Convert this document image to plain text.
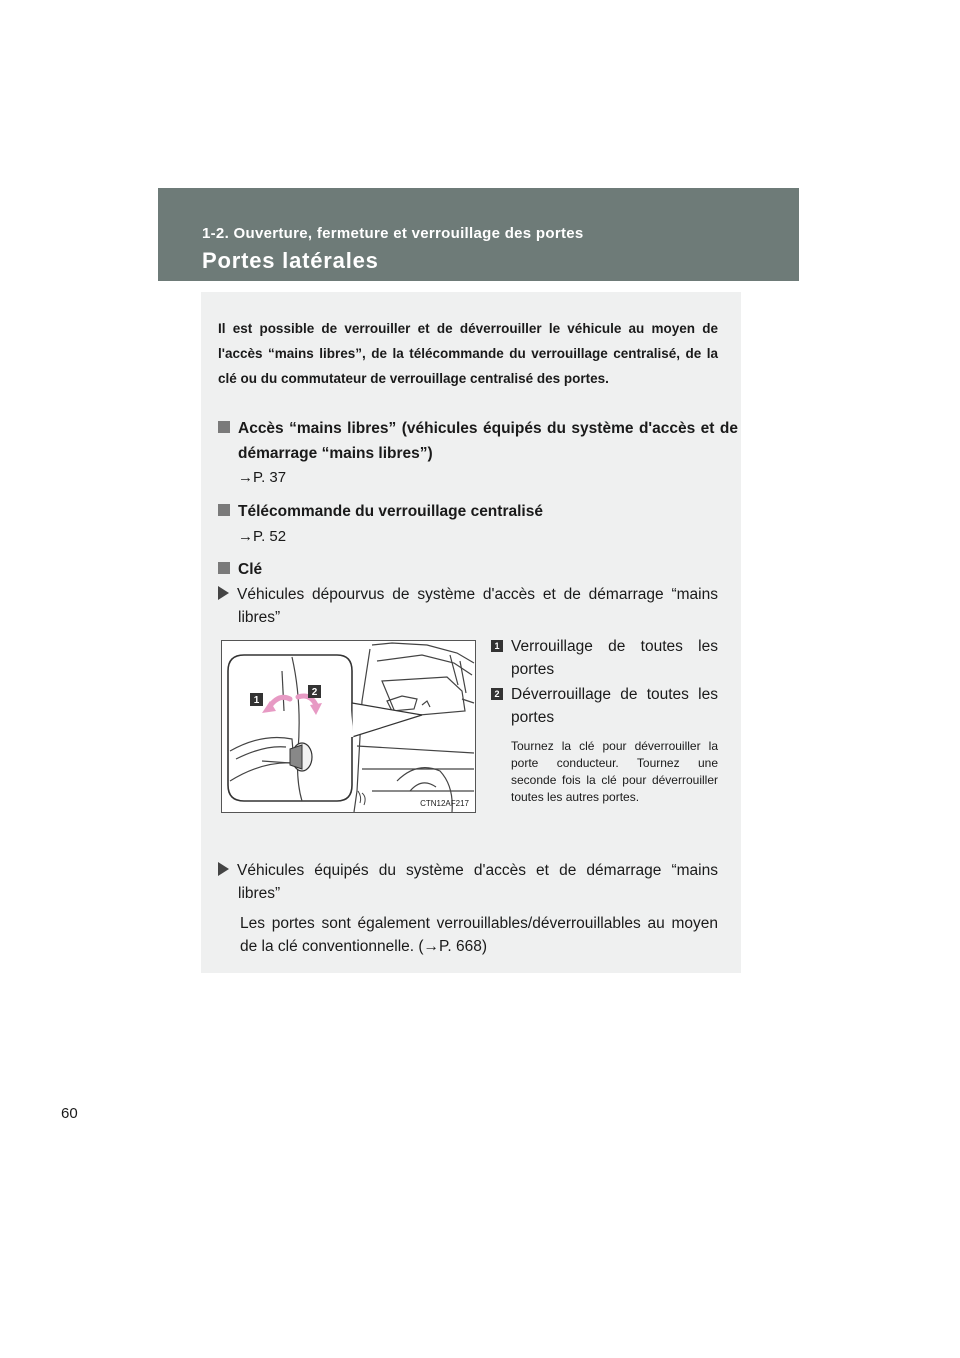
1-2. Ouverture, fermeture et verrouillage des portes
Portes latérales
Il est possible de verrouiller et de déverrouiller le véhicule au moyen de l'accès “mains libres”, de la télécommande du verrouillage centralisé, de la clé ou du commutateur de verrouillage centralisé des portes.
Accès “mains libres” (véhicules équipés du système d'accès et de démarrage “mains libres”)
→P. 37
Télécommande du verrouillage centralisé
→P. 52
Clé
Véhicules dépourvus de système d'accès et de démarrage “mains libres”
1
2
CTN12AF217
1 Verrouillage de toutes les portes
2 Déverrouillage de toutes les portes
Tournez la clé pour déverrouiller la porte conducteur. Tournez une seconde fois la clé pour déverrouiller toutes les autres portes.
Véhicules équipés du système d'accès et de démarrage “mains libres”
Les portes sont également verrouillables/déverrouillables au moyen de la clé conventionnelle. (→P. 668)
60
